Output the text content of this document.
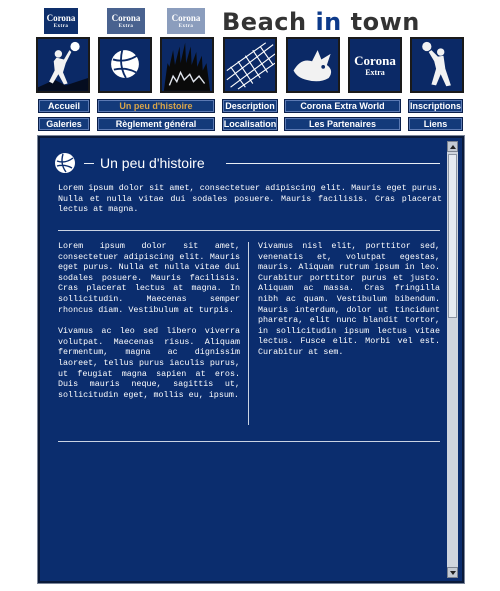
Corona
Extra
Corona
Extra
Corona
Extra Beach in town
Corona
Extra
Accueil	Un peu d'histoire	Description	Corona Extra World	Inscriptions
Galeries	Règlement général	Localisation	Les Partenaires	Liens
Un peu d'histoire

Lorem ipsum dolor sit amet, consectetuer adipiscing elit. Mauris eget purus. Nulla et nulla vitae dui sodales posuere. Mauris facilisis. Cras placerat lectus at magna.

Lorem ipsum dolor sit amet, consectetuer adipiscing elit. Mauris eget purus. Nulla et nulla vitae dui sodales posuere. Mauris facilisis. Cras placerat lectus at magna. In sollicitudin. Maecenas semper rhoncus diam. Vestibulum at turpis.

Vivamus ac leo sed libero viverra volutpat. Maecenas risus. Aliquam fermentum, magna ac dignissim laoreet, tellus purus iaculis purus, ut feugiat magna sapien at eros. Duis mauris neque, sagittis ut, sollicitudin eget, mollis eu, ipsum.

Vivamus nisl elit, porttitor sed, venenatis et, volutpat egestas, mauris. Aliquam rutrum ipsum in leo. Curabitur porttitor purus et justo. Aliquam ac massa. Cras fringilla nibh ac quam. Vestibulum bibendum. Mauris interdum, dolor ut tincidunt pharetra, elit nunc blandit tortor, in sollicitudin ipsum lectus vitae lectus. Fusce elit. Morbi vel est. Curabitur at sem.
